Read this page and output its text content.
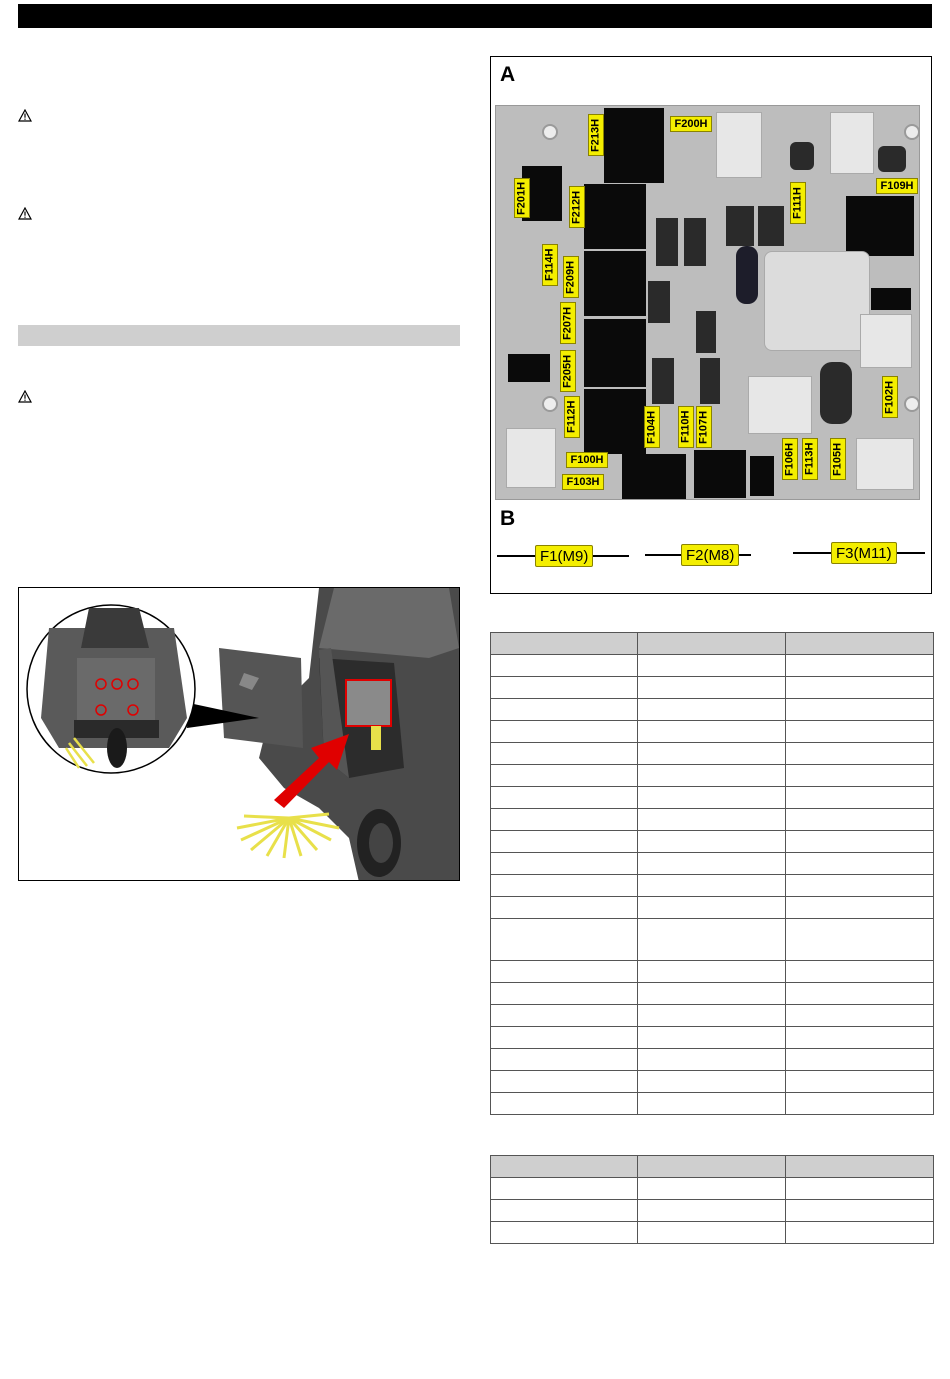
A
F213H	F200H
F201H	F212H	F111H
F109H
F114H F209H
F207H
F205H
F112H	F104H F110H F107H
F102H
F106H F113H F105H
F100H
F103H
B
F1(M9)	F2(M8)	F3(M11)
